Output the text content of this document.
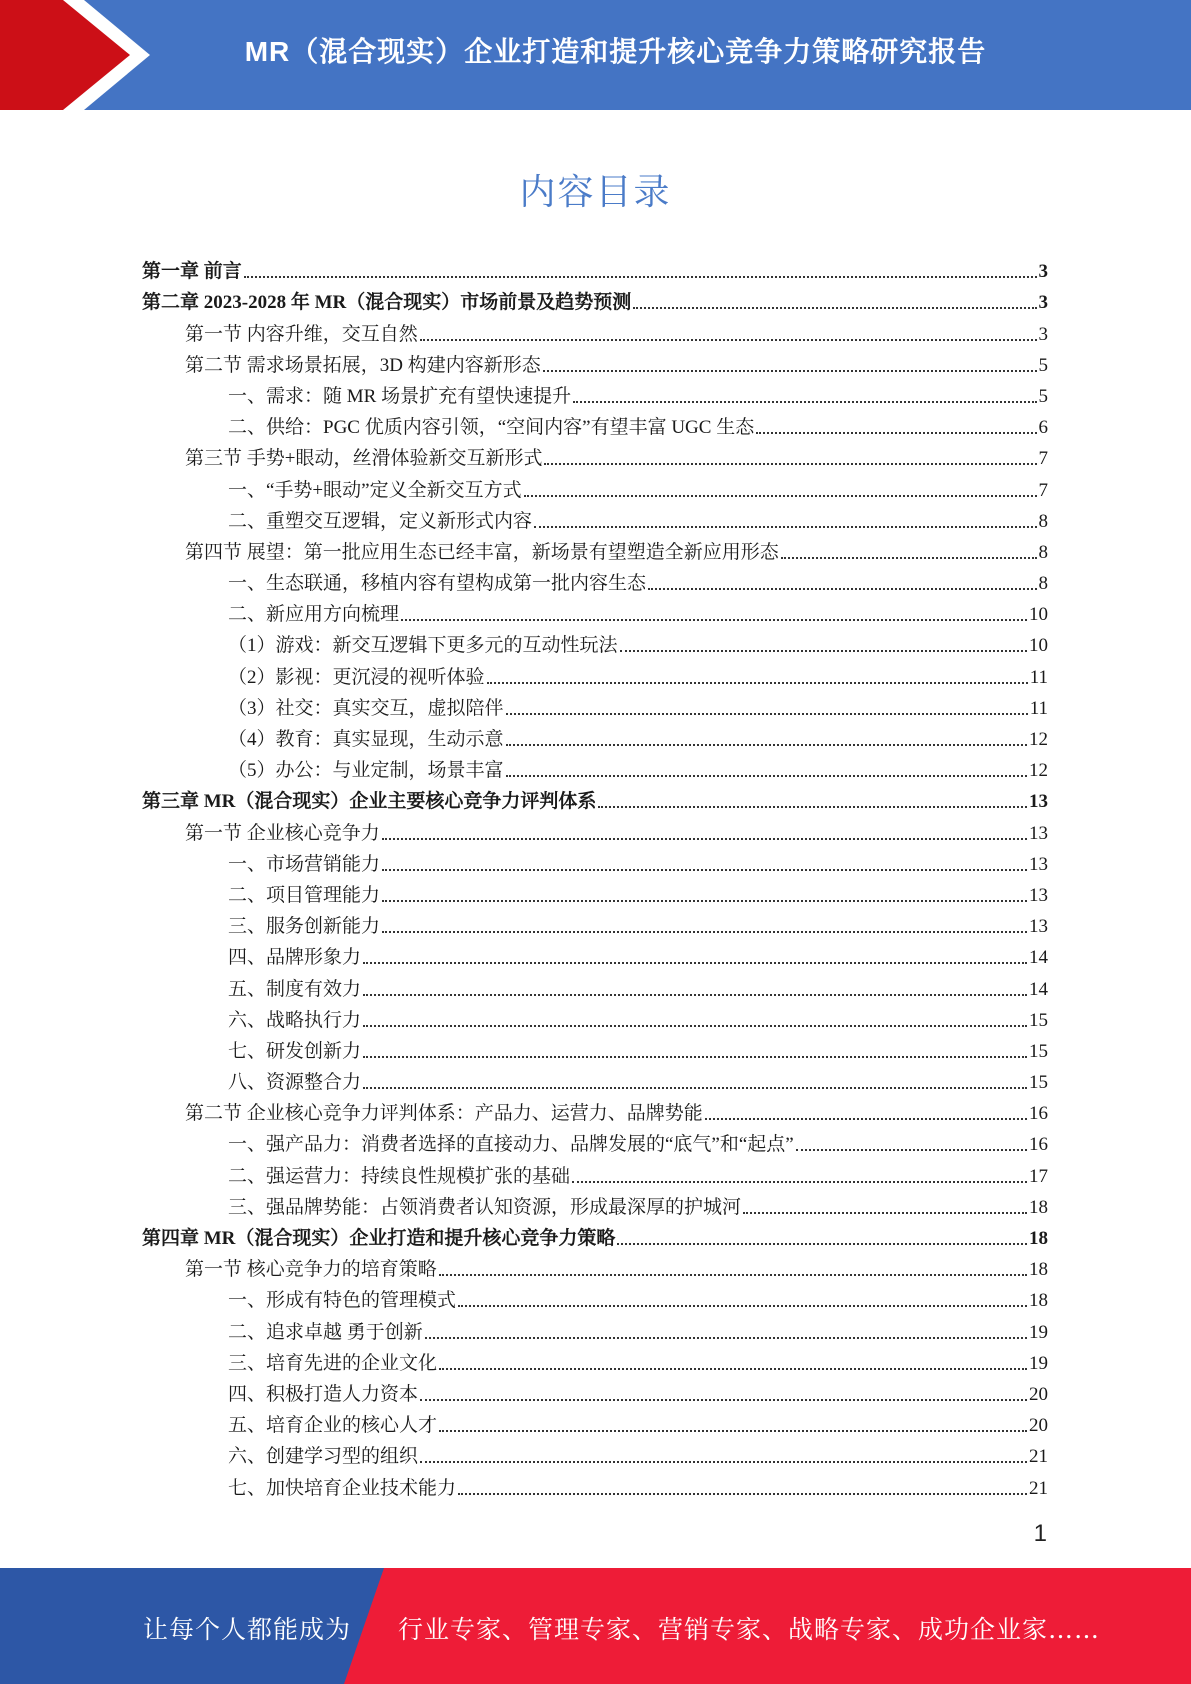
MR（混合现实）企业打造和提升核心竞争力策略研究报告
内容目录
第一章 前言	3
第二章 2023-2028 年 MR（混合现实）市场前景及趋势预测	3
第一节 内容升维，交互自然	3
第二节 需求场景拓展，3D 构建内容新形态	5
一、需求：随 MR 场景扩充有望快速提升	5
二、供给：PGC 优质内容引领，“空间内容”有望丰富 UGC 生态	6
第三节 手势+眼动，丝滑体验新交互新形式	7
一、“手势+眼动”定义全新交互方式	7
二、重塑交互逻辑，定义新形式内容	8
第四节 展望：第一批应用生态已经丰富，新场景有望塑造全新应用形态	8
一、生态联通，移植内容有望构成第一批内容生态	8
二、新应用方向梳理	10
（1）游戏：新交互逻辑下更多元的互动性玩法	10
（2）影视：更沉浸的视听体验	11
（3）社交：真实交互，虚拟陪伴	11
（4）教育：真实显现，生动示意	12
（5）办公：与业定制，场景丰富	12
第三章 MR（混合现实）企业主要核心竞争力评判体系	13
第一节 企业核心竞争力	13
一、市场营销能力	13
二、项目管理能力	13
三、服务创新能力	13
四、品牌形象力	14
五、制度有效力	14
六、战略执行力	15
七、研发创新力	15
八、资源整合力	15
第二节 企业核心竞争力评判体系：产品力、运营力、品牌势能	16
一、强产品力：消费者选择的直接动力、品牌发展的“底气”和“起点”	16
二、强运营力：持续良性规模扩张的基础	17
三、强品牌势能：占领消费者认知资源，形成最深厚的护城河	18
第四章 MR（混合现实）企业打造和提升核心竞争力策略	18
第一节 核心竞争力的培育策略	18
一、形成有特色的管理模式	18
二、追求卓越 勇于创新	19
三、培育先进的企业文化	19
四、积极打造人力资本	20
五、培育企业的核心人才	20
六、创建学习型的组织	21
七、加快培育企业技术能力	21
1
让每个人都能成为 行业专家、管理专家、营销专家、战略专家、成功企业家……
